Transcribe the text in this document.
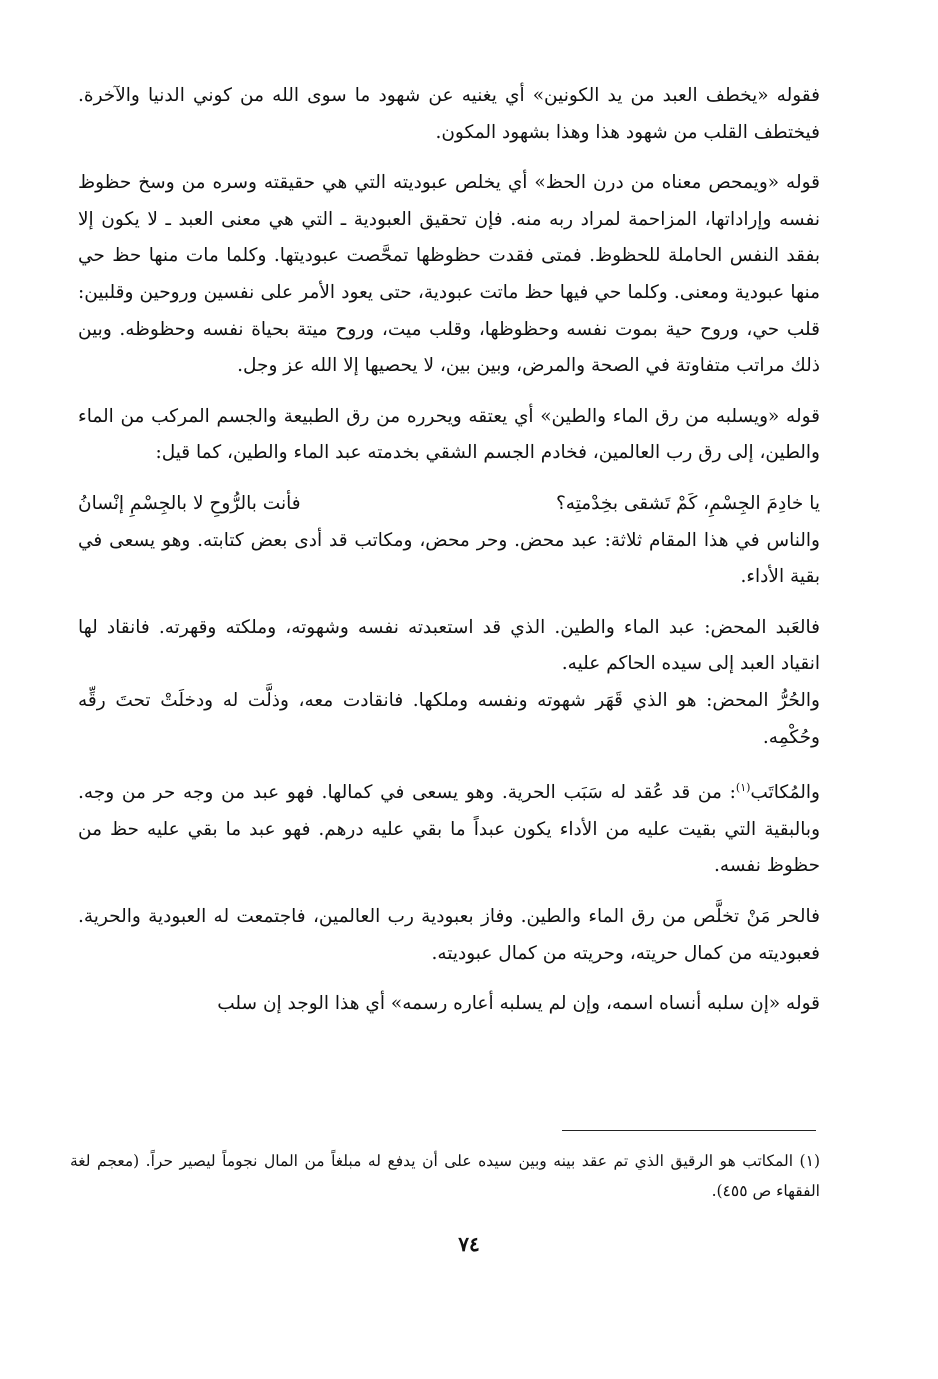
فقوله «يخطف العبد من يد الكونين» أي يغنيه عن شهود ما سوى الله من كوني الدنيا والآخرة. فيختطف القلب من شهود هذا وهذا بشهود المكون.

قوله «ويمحص معناه من درن الحظ» أي يخلص عبوديته التي هي حقيقته وسره من وسخ حظوظ نفسه وإراداتها، المزاحمة لمراد ربه منه. فإن تحقيق العبودية ـ التي هي معنى العبد ـ لا يكون إلا بفقد النفس الحاملة للحظوظ. فمتى فقدت حظوظها تمحَّصت عبوديتها. وكلما مات منها حظ حي منها عبودية ومعنى. وكلما حي فيها حظ ماتت عبودية، حتى يعود الأمر على نفسين وروحين وقلبين: قلب حي، وروح حية بموت نفسه وحظوظها، وقلب ميت، وروح ميتة بحياة نفسه وحظوظه. وبين ذلك مراتب متفاوتة في الصحة والمرض، وبين بين، لا يحصيها إلا الله عز وجل.

قوله «ويسلبه من رق الماء والطين» أي يعتقه ويحرره من رق الطبيعة والجسم المركب من الماء والطين، إلى رق رب العالمين، فخادم الجسم الشقي بخدمته عبد الماء والطين، كما قيل:

يا خادِمَ الجِسْمِ، كَمْ تَشقى بخِدْمتِه؟
فأنت بالرُّوحِ لا بالجِسْمِ إنْسانُ

والناس في هذا المقام ثلاثة: عبد محض. وحر محض، ومكاتب قد أدى بعض كتابته. وهو يسعى في بقية الأداء.

فالعَبد المحض: عبد الماء والطين. الذي قد استعبدته نفسه وشهوته، وملكته وقهرته. فانقاد لها انقياد العبد إلى سيده الحاكم عليه.

والحُرُّ المحض: هو الذي قَهَر شهوته ونفسه وملكها. فانقادت معه، وذلَّت له ودخلَتْ تحتَ رقِّه وحُكْمِه.

والمُكاتَب$^{(١)}$: من قد عُقد له سَبَب الحرية. وهو يسعى في كمالها. فهو عبد من وجه حر من وجه. وبالبقية التي بقيت عليه من الأداء يكون عبداً ما بقي عليه درهم. فهو عبد ما بقي عليه حظ من حظوظ نفسه.

فالحر مَنْ تخلَّص من رق الماء والطين. وفاز بعبودية رب العالمين، فاجتمعت له العبودية والحرية. فعبوديته من كمال حريته، وحريته من كمال عبوديته.

قوله «إن سلبه أنساه اسمه، وإن لم يسلبه أعاره رسمه» أي هذا الوجد إن سلب

(١) المكاتب هو الرقيق الذي تم عقد بينه وبين سيده على أن يدفع له مبلغاً من المال نجوماً ليصير حراً. (معجم لغة الفقهاء ص ٤٥٥).

٧٤
